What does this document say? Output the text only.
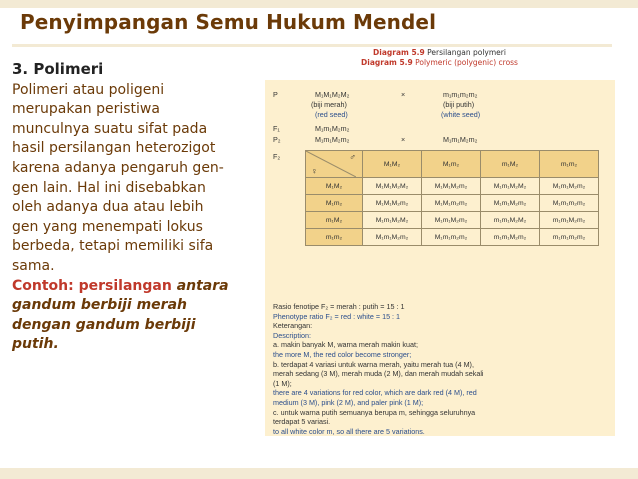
Penyimpangan Semu Hukum Mendel
3. Polimeri
Polimeri atau poligeni
merupakan peristiwa
munculnya suatu sifat pada
hasil persilangan heterozigot
karena adanya pengaruh gen-
gen lain. Hal ini disebabkan
oleh adanya dua atau lebih
gen yang menempati lokus
berbeda, tetapi memiliki sifa
sama.
Contoh: persilangan antara
gandum berbiji merah
dengan gandum berbiji
putih.
Diagram 5.9 Persilangan polymeri
Diagram 5.9 Polymeric (polygenic) cross
P	M₁M₁M₂M₂	×	m₁m₁m₂m₂
(biji merah)	(biji putih)
(red seed)	(white seed)
F₁	M₁m₁M₂m₂
P₂	M₁m₁M₂m₂	×	M₁m₁M₂m₂
F₂	♂
♀	M₁M₂	M₁m₂	m₁M₂	m₁m₂
M₁M₂	M₁M₁M₂M₂	M₁M₁M₂m₂	M₁m₁M₂M₂	M₁m₁M₂m₂
M₁m₂	M₁M₁M₂m₂	M₁M₁m₂m₂	M₁m₁M₂m₂	M₁m₁m₂m₂
m₁M₂	M₁m₁M₂M₂	M₁m₁M₂m₂	m₁m₁M₂M₂	m₁m₁M₂m₂
m₁m₂	M₁m₁M₂m₂	M₁m₁m₂m₂	m₁m₁M₂m₂	m₁m₁m₂m₂
Rasio fenotipe F₂ = merah : putih = 15 : 1
Phenotype ratio F₂ = red : white = 15 : 1
Keterangan:
Description:
a. makin banyak M, warna merah makin kuat;
the more M, the red color become stronger;
b. terdapat 4 variasi untuk warna merah, yaitu merah tua (4 M),
merah sedang (3 M), merah muda (2 M), dan merah mudah sekali
(1 M);
there are 4 variations for red color, which are dark red (4 M), red
medium (3 M), pink (2 M), and paler pink (1 M);
c. untuk warna putih semuanya berupa m, sehingga seluruhnya
terdapat 5 variasi.
to all white color m, so all there are 5 variations.
